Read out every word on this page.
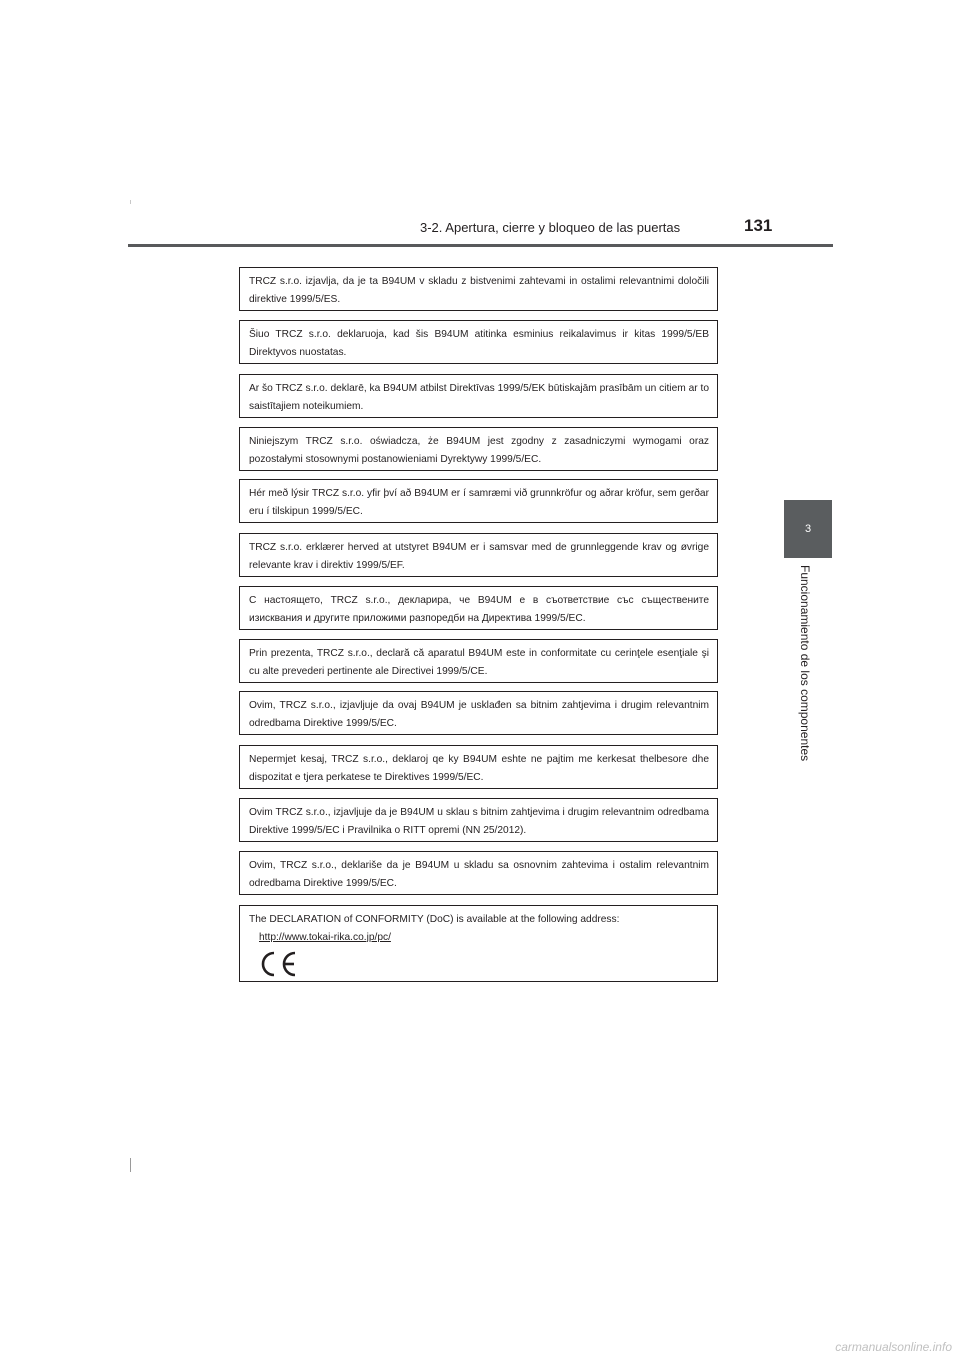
3-2. Apertura, cierre y bloqueo de las puertas	131
3
Funcionamiento de los componentes
TRCZ s.r.o. izjavlja, da je ta B94UM v skladu z bistvenimi zahtevami in ostalimi relevantnimi določili direktive 1999/5/ES.
Šiuo TRCZ s.r.o. deklaruoja, kad šis B94UM atitinka esminius reikalavimus ir kitas 1999/5/EB Direktyvos nuostatas.
Ar šo TRCZ s.r.o. deklarē, ka B94UM atbilst Direktīvas 1999/5/EK būtiskajām prasībām un citiem ar to saistītajiem noteikumiem.
Niniejszym TRCZ s.r.o. oświadcza, że B94UM jest zgodny z zasadniczymi wymogami oraz pozostałymi stosownymi postanowieniami Dyrektywy 1999/5/EC.
Hér með lýsir TRCZ s.r.o. yfir því að B94UM er í samræmi við grunnkröfur og aðrar kröfur, sem gerðar eru í tilskipun 1999/5/EC.
TRCZ s.r.o. erklærer herved at utstyret B94UM er i samsvar med de grunnleggende krav og øvrige relevante krav i direktiv 1999/5/EF.
С настоящето, TRCZ s.r.o., декларира, че B94UM е в съответствие със съществените изисквания и другите приложими разпоредби на Директива 1999/5/EC.
Prin prezenta, TRCZ s.r.o., declară că aparatul B94UM este in conformitate cu cerinţele esenţiale şi cu alte prevederi pertinente ale Directivei 1999/5/CE.
Ovim, TRCZ s.r.o., izjavljuje da ovaj B94UM je usklađen sa bitnim zahtjevima i drugim relevantnim odredbama Direktive 1999/5/EC.
Nepermjet kesaj, TRCZ s.r.o., deklaroj qe ky B94UM eshte ne pajtim me kerkesat thelbesore dhe dispozitat e tjera perkatese te Direktives 1999/5/EC.
Ovim TRCZ s.r.o., izjavljuje da je B94UM u sklau s bitnim zahtjevima i drugim relevantnim odredbama Direktive 1999/5/EC i Pravilnika o RITT opremi (NN 25/2012).
Ovim, TRCZ s.r.o., deklariše da je B94UM u skladu sa osnovnim zahtevima i ostalim relevantnim odredbama Direktive 1999/5/EC.
The DECLARATION of CONFORMITY (DoC) is available at the following address:
http://www.tokai-rika.co.jp/pc/
carmanualsonline.info
